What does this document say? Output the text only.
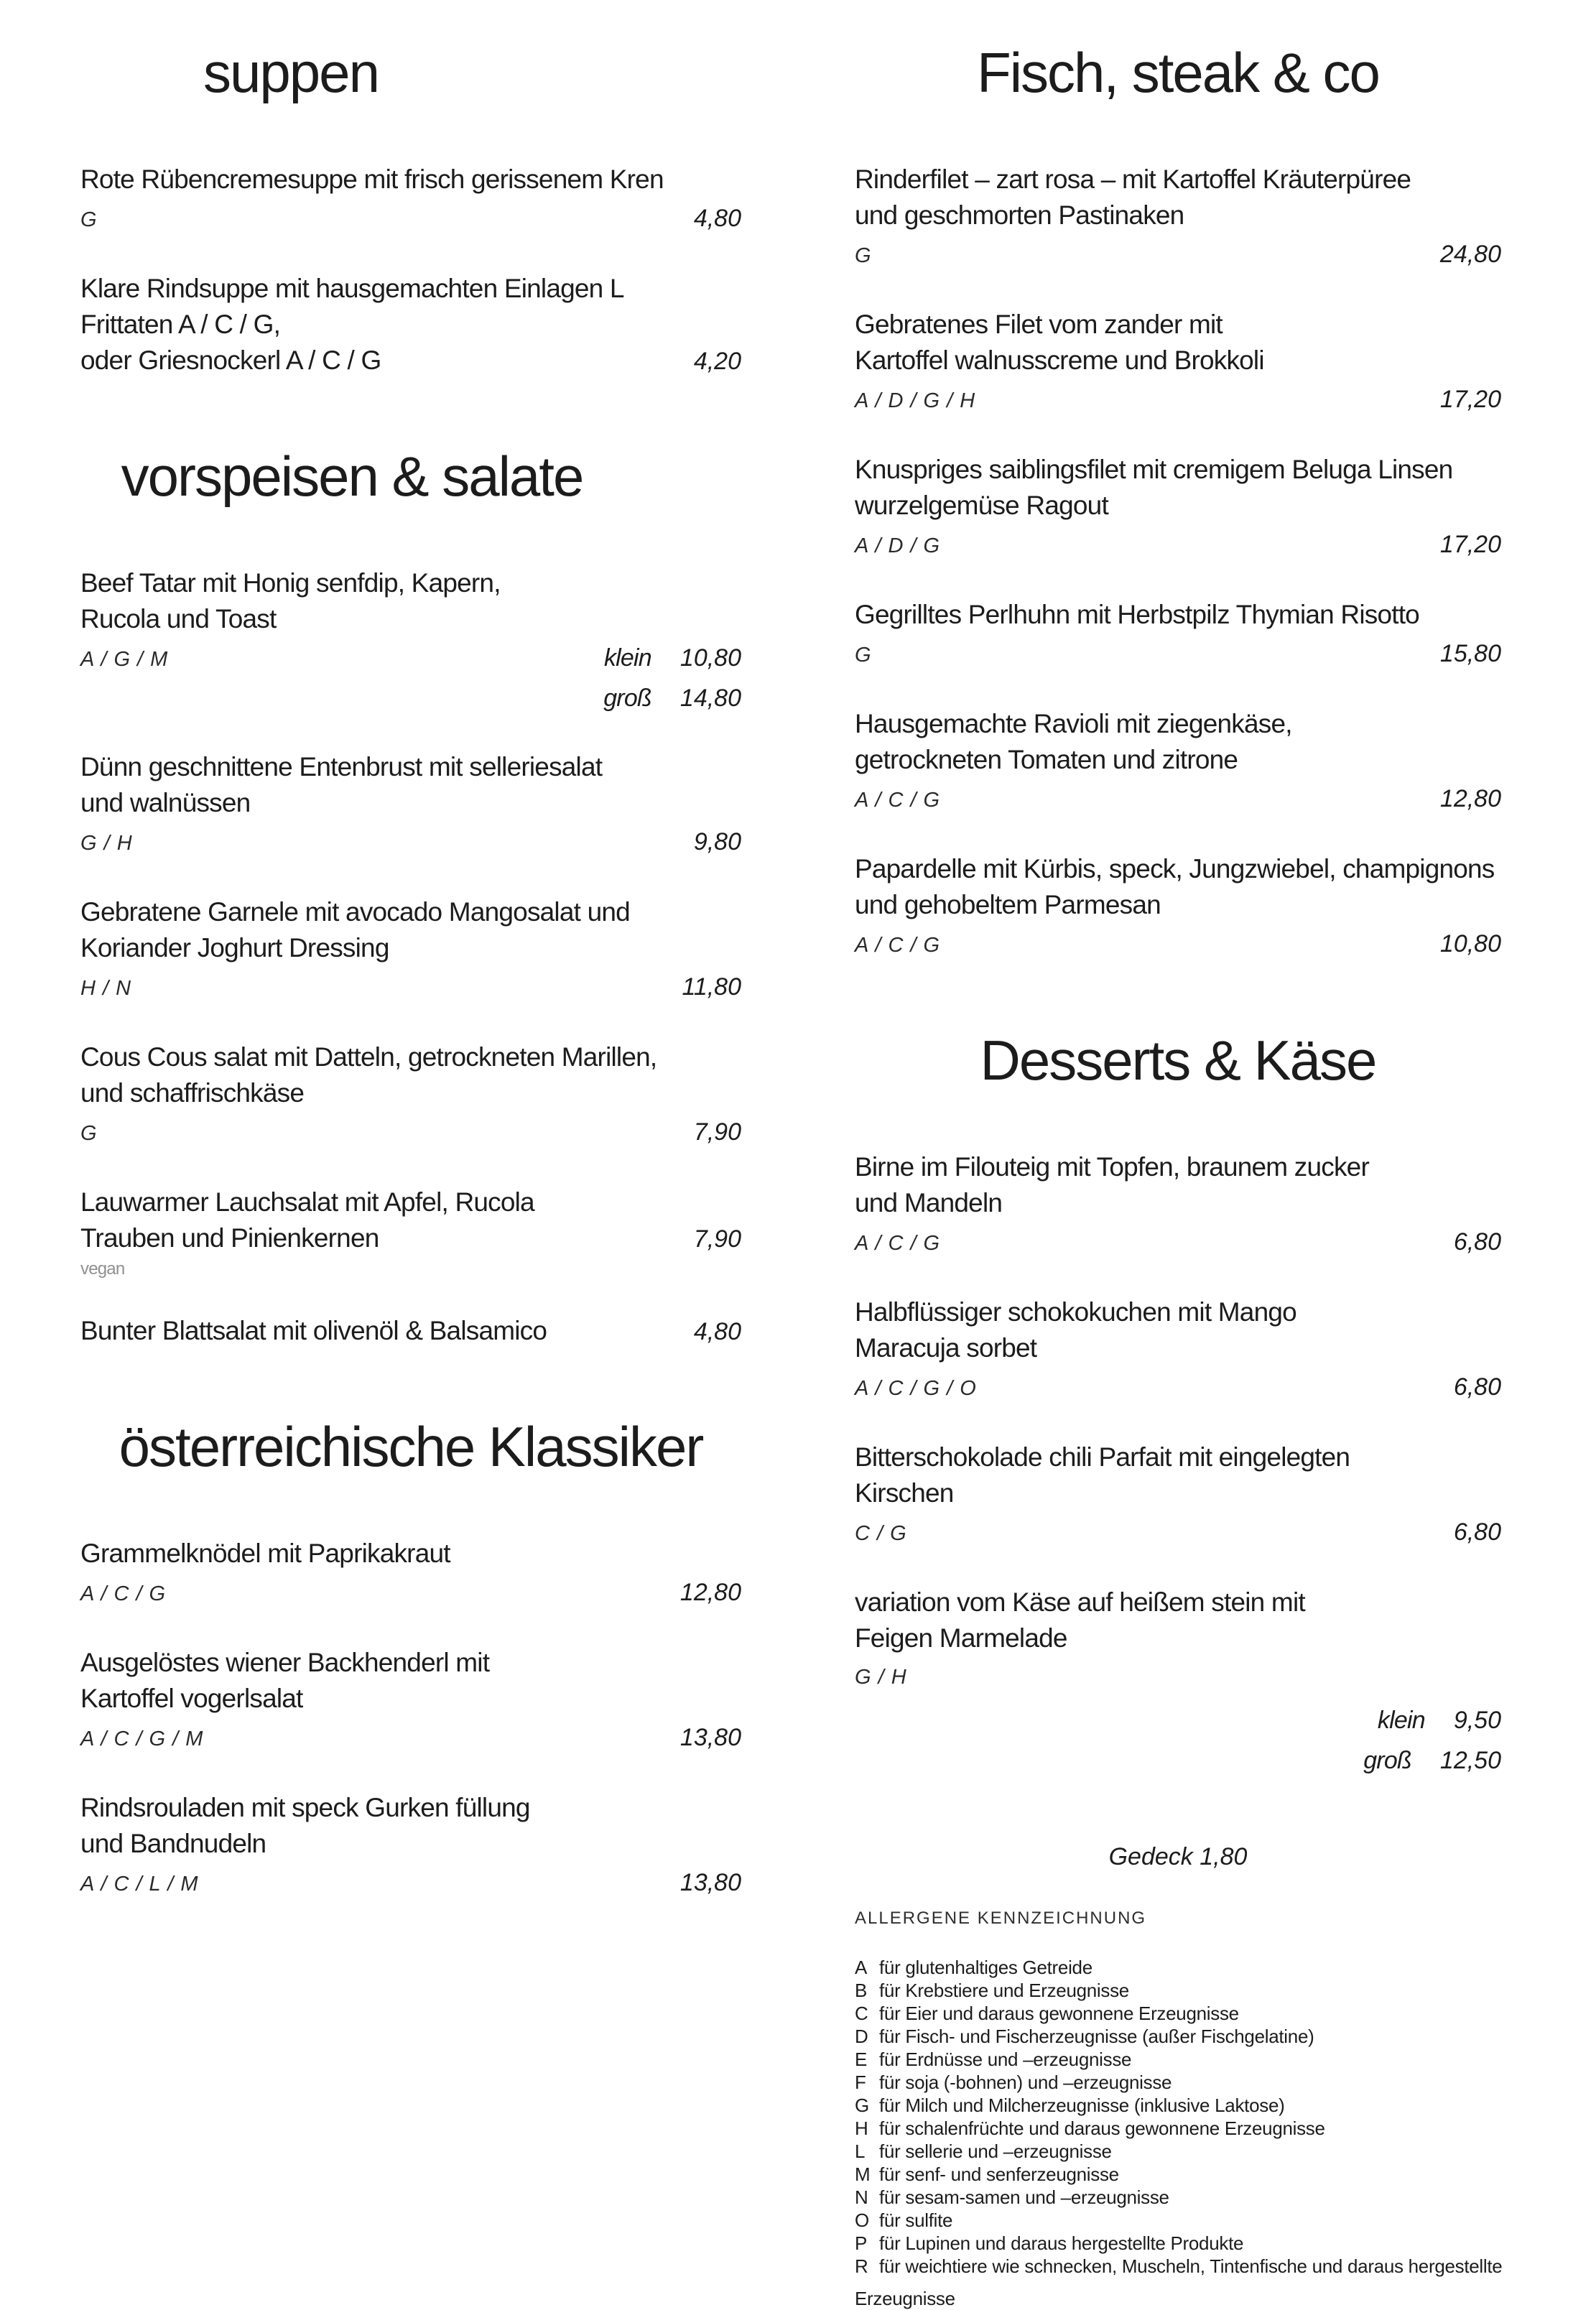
suppen
Rote Rübencremesuppe mit frisch gerissenem Kren
G	4,80
Klare Rindsuppe mit hausgemachten Einlagen L
Frittaten A / C / G,
oder Griesnockerl A / C / G	4,20
vorspeisen & salate
Beef Tatar mit Honig senfdip, Kapern,
Rucola und Toast
A / G / M	klein 10,80
groß 14,80
Dünn geschnittene Entenbrust mit selleriesalat
und walnüssen
G / H	9,80
Gebratene Garnele mit avocado Mangosalat und
Koriander Joghurt Dressing
H / N	11,80
Cous Cous salat mit Datteln, getrockneten Marillen,
und schaffrischkäse
G	7,90
Lauwarmer Lauchsalat mit Apfel, Rucola
Trauben und Pinienkernen	7,90
vegan
Bunter Blattsalat mit olivenöl & Balsamico	4,80
österreichische Klassiker
Grammelknödel mit Paprikakraut
A / C / G	12,80
Ausgelöstes wiener Backhenderl mit
Kartoffel vogerlsalat
A / C / G / M	13,80
Rindsrouladen mit speck Gurken füllung
und Bandnudeln
A / C / L / M	13,80
Fisch, steak & co
Rinderfilet – zart rosa – mit Kartoffel Kräuterpüree
und geschmorten Pastinaken
G	24,80
Gebratenes Filet vom zander mit
Kartoffel walnusscreme und Brokkoli
A / D / G / H	17,20
Knuspriges saiblingsfilet mit cremigem Beluga Linsen
wurzelgemüse Ragout
A / D / G	17,20
Gegrilltes Perlhuhn mit Herbstpilz Thymian Risotto
G	15,80
Hausgemachte Ravioli mit ziegenkäse,
getrockneten Tomaten und zitrone
A / C / G	12,80
Papardelle mit Kürbis, speck, Jungzwiebel, champignons
und gehobeltem Parmesan
A / C / G	10,80
Desserts & Käse
Birne im Filouteig mit Topfen, braunem zucker
und Mandeln
A / C / G	6,80
Halbflüssiger schokokuchen mit Mango
Maracuja sorbet
A / C / G / O	6,80
Bitterschokolade chili Parfait mit eingelegten
Kirschen
C / G	6,80
variation vom Käse auf heißem stein mit
Feigen Marmelade
G / H
klein 9,50
groß 12,50
Gedeck 1,80
ALLERGENE KENNZEICHNUNG
A für glutenhaltiges Getreide
B für Krebstiere und Erzeugnisse
C für Eier und daraus gewonnene Erzeugnisse
D für Fisch- und Fischerzeugnisse (außer Fischgelatine)
E für Erdnüsse und –erzeugnisse
F für soja (-bohnen) und –erzeugnisse
G für Milch und Milcherzeugnisse (inklusive Laktose)
H für schalenfrüchte und daraus gewonnene Erzeugnisse
L für sellerie und –erzeugnisse
M für senf- und senferzeugnisse
N für sesam-samen und –erzeugnisse
O für sulfite
P für Lupinen und daraus hergestellte Produkte
R für weichtiere wie schnecken, Muscheln, Tintenfische und daraus hergestellte
Erzeugnisse
